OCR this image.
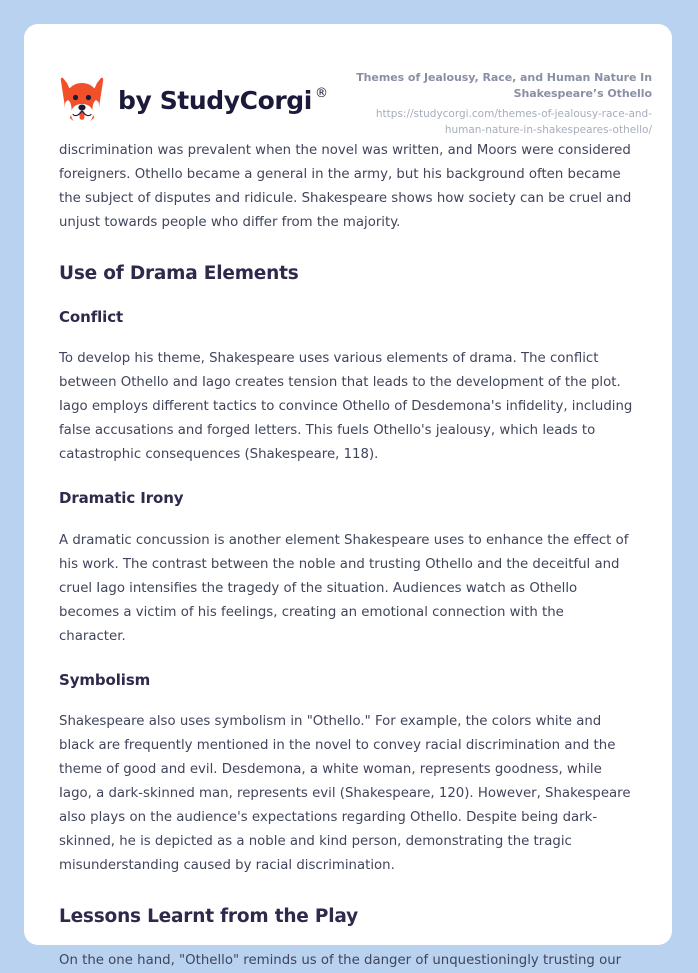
by StudyCorgi ®
Themes of Jealousy, Race, and Human Nature In Shakespeare’s Othello
https://studycorgi.com/themes-of-jealousy-race-and-human-nature-in-shakespeares-othello/

discrimination was prevalent when the novel was written, and Moors were considered foreigners. Othello became a general in the army, but his background often became the subject of disputes and ridicule. Shakespeare shows how society can be cruel and unjust towards people who differ from the majority.

Use of Drama Elements
Conflict

To develop his theme, Shakespeare uses various elements of drama. The conflict between Othello and Iago creates tension that leads to the development of the plot. Iago employs different tactics to convince Othello of Desdemona's infidelity, including false accusations and forged letters. This fuels Othello's jealousy, which leads to catastrophic consequences (Shakespeare, 118).

Dramatic Irony

A dramatic concussion is another element Shakespeare uses to enhance the effect of his work. The contrast between the noble and trusting Othello and the deceitful and cruel Iago intensifies the tragedy of the situation. Audiences watch as Othello becomes a victim of his feelings, creating an emotional connection with the character.

Symbolism

Shakespeare also uses symbolism in "Othello." For example, the colors white and black are frequently mentioned in the novel to convey racial discrimination and the theme of good and evil. Desdemona, a white woman, represents goodness, while Iago, a dark-skinned man, represents evil (Shakespeare, 120). However, Shakespeare also plays on the audience's expectations regarding Othello. Despite being dark-skinned, he is depicted as a noble and kind person, demonstrating the tragic misunderstanding caused by racial discrimination.

Lessons Learnt from the Play

On the one hand, "Othello" reminds us of the danger of unquestioningly trusting our
